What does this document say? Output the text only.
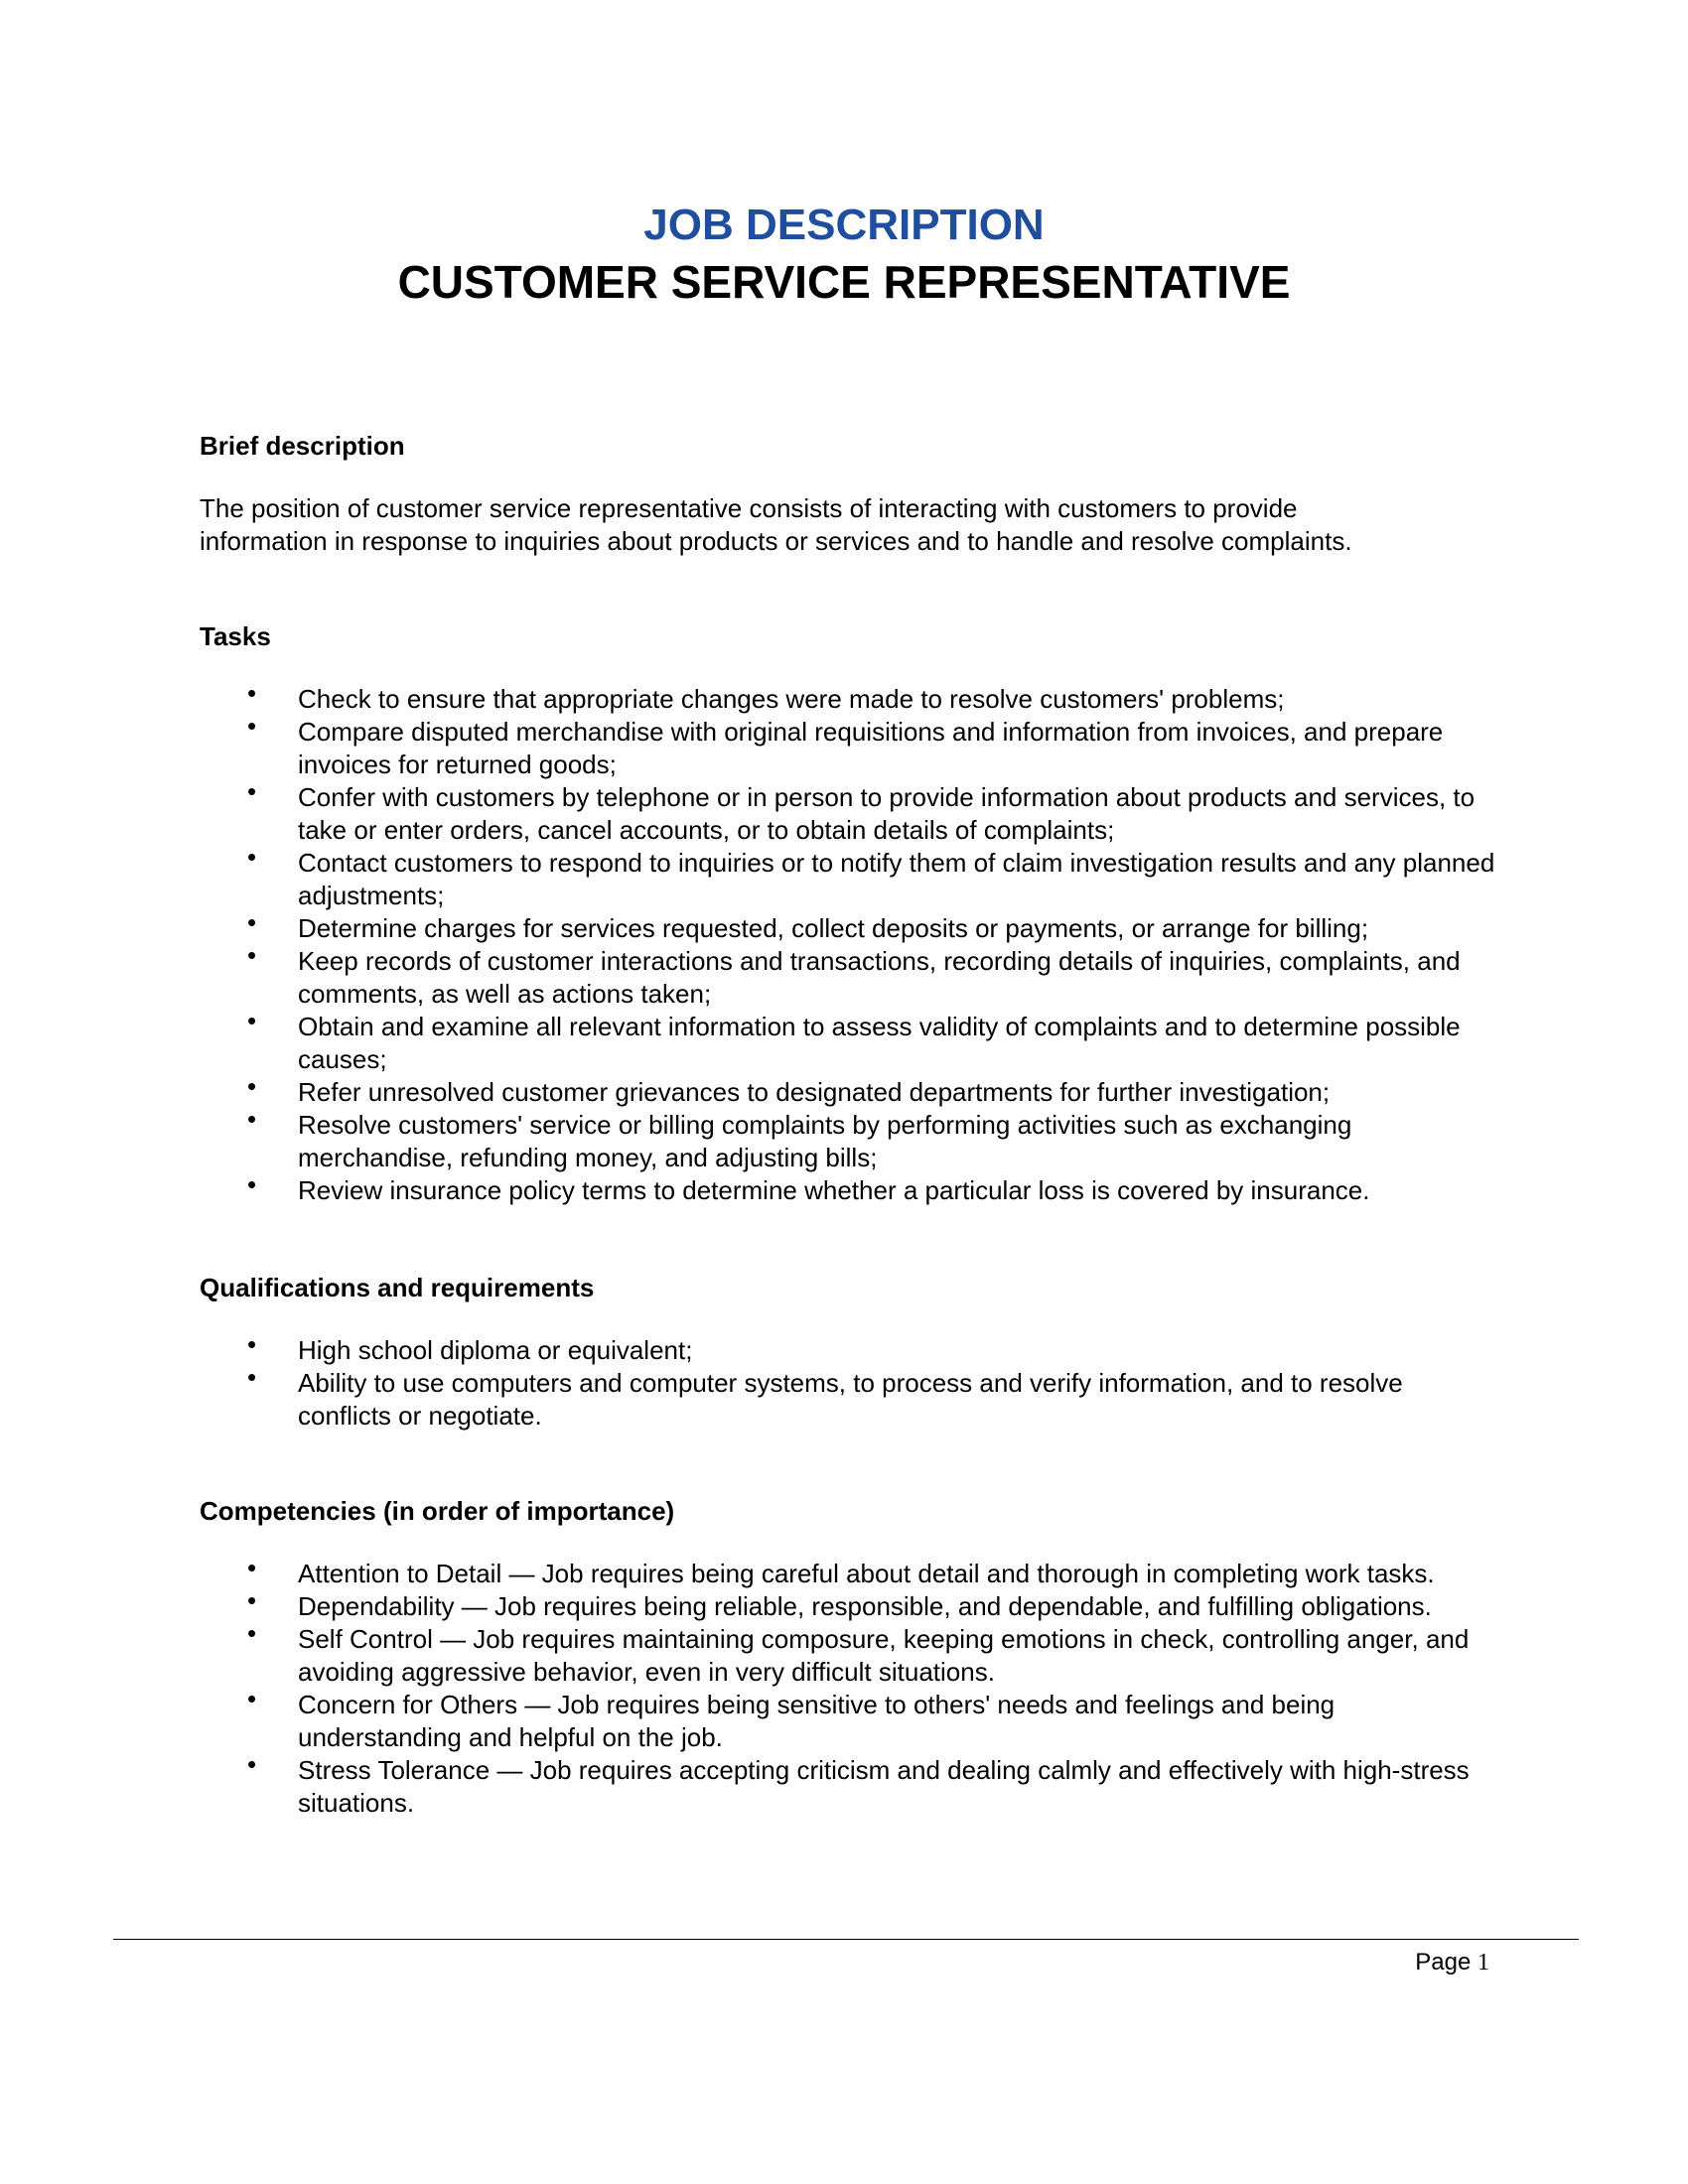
JOB DESCRIPTION
CUSTOMER SERVICE REPRESENTATIVE
Brief description

The position of customer service representative consists of interacting with customers to provide
information in response to inquiries about products or services and to handle and resolve complaints.

Tasks
• Check to ensure that appropriate changes were made to resolve customers' problems;
• Compare disputed merchandise with original requisitions and information from invoices, and prepare invoices for returned goods;
• Confer with customers by telephone or in person to provide information about products and services, to take or enter orders, cancel accounts, or to obtain details of complaints;
• Contact customers to respond to inquiries or to notify them of claim investigation results and any planned adjustments;
• Determine charges for services requested, collect deposits or payments, or arrange for billing;
• Keep records of customer interactions and transactions, recording details of inquiries, complaints, and comments, as well as actions taken;
• Obtain and examine all relevant information to assess validity of complaints and to determine possible causes;
• Refer unresolved customer grievances to designated departments for further investigation;
• Resolve customers' service or billing complaints by performing activities such as exchanging merchandise, refunding money, and adjusting bills;
• Review insurance policy terms to determine whether a particular loss is covered by insurance.
Qualifications and requirements
• High school diploma or equivalent;
• Ability to use computers and computer systems, to process and verify information, and to resolve conflicts or negotiate.
Competencies (in order of importance)
• Attention to Detail — Job requires being careful about detail and thorough in completing work tasks.
• Dependability — Job requires being reliable, responsible, and dependable, and fulfilling obligations.
• Self Control — Job requires maintaining composure, keeping emotions in check, controlling anger, and avoiding aggressive behavior, even in very difficult situations.
• Concern for Others — Job requires being sensitive to others' needs and feelings and being understanding and helpful on the job.
• Stress Tolerance — Job requires accepting criticism and dealing calmly and effectively with high-stress situations.
Page 1
